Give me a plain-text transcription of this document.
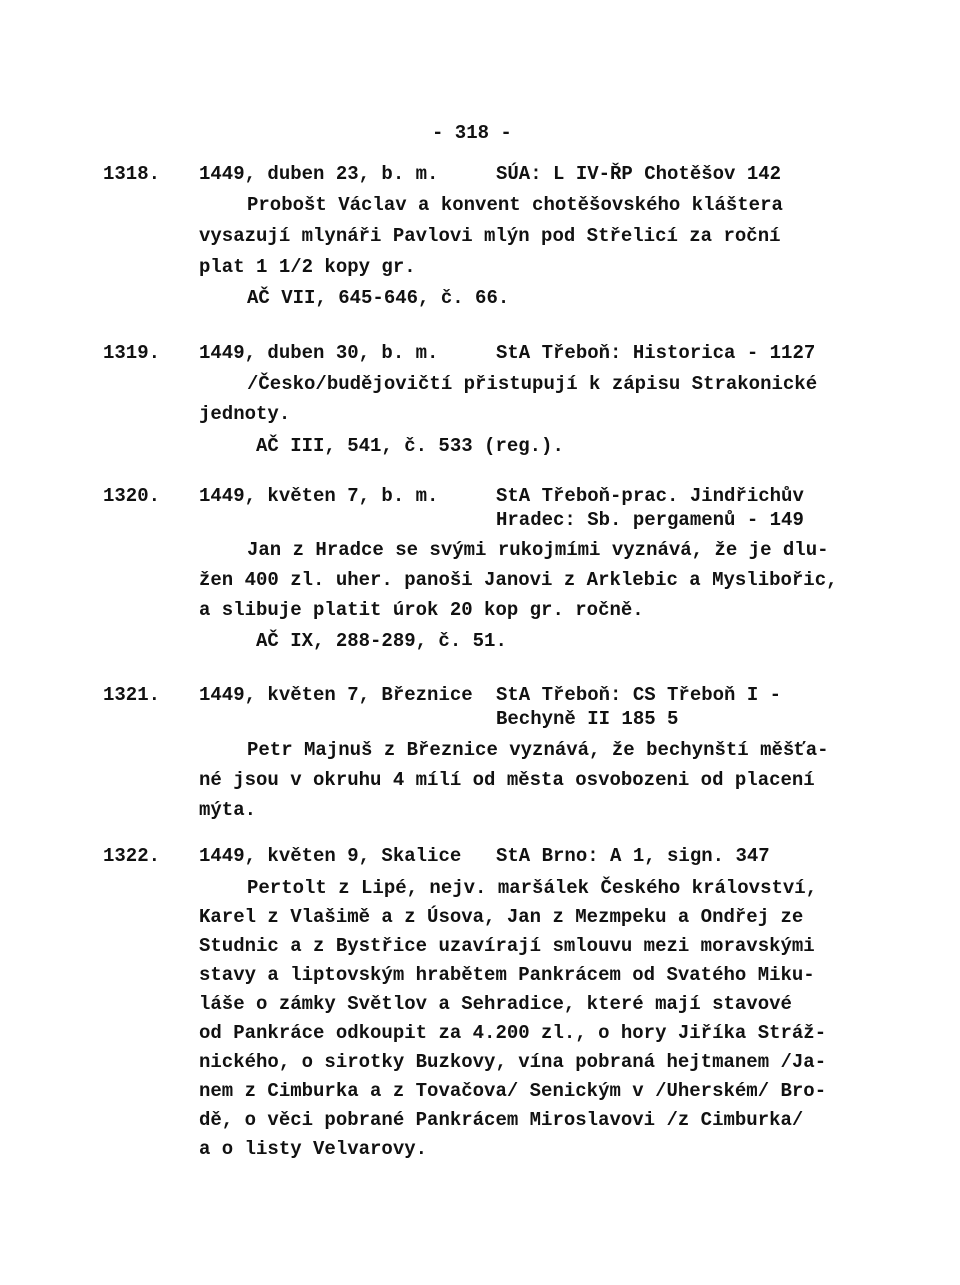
- 318 -
1318. 1449, duben 23, b. m.	SÚA: L IV-ŘP Chotěšov 142
Probošt Václav a konvent chotěšovského kláštera
vysazují mlynáři Pavlovi mlýn pod Střelicí za roční
plat 1 1/2 kopy gr.
AČ VII, 645-646, č. 66.
1319. 1449, duben 30, b. m.	StA Třeboň: Historica - 1127
/Česko/budějovičtí přistupují k zápisu Strakonické
jednoty.
AČ III, 541, č. 533 (reg.).
1320. 1449, květen 7, b. m.	StA Třeboň-prac. Jindřichův
Hradec: Sb. pergamenů - 149
Jan z Hradce se svými rukojmími vyznává, že je dlu-
žen 400 zl. uher. panoši Janovi z Arklebic a Myslibořic,
a slibuje platit úrok 20 kop gr. ročně.
AČ IX, 288-289, č. 51.
1321. 1449, květen 7, Březnice StA Třeboň: CS Třeboň I -
Bechyně II 185 5
Petr Majnuš z Březnice vyznává, že bechynští měšťa-
né jsou v okruhu 4 mílí od města osvobozeni od placení
mýta.
1322. 1449, květen 9, Skalice StA Brno: A 1, sign. 347
Pertolt z Lipé, nejv. maršálek Českého království,
Karel z Vlašimě a z Úsova, Jan z Mezmpeku a Ondřej ze
Studnic a z Bystřice uzavírají smlouvu mezi moravskými
stavy a liptovským hrabětem Pankrácem od Svatého Miku-
láše o zámky Světlov a Sehradice, které mají stavové
od Pankráce odkoupit za 4.200 zl., o hory Jiříka Stráž-
nického, o sirotky Buzkovy, vína pobraná hejtmanem /Ja-
nem z Cimburka a z Tovačova/ Senickým v /Uherském/ Bro-
dě, o věci pobrané Pankrácem Miroslavovi /z Cimburka/
a o listy Velvarovy.
